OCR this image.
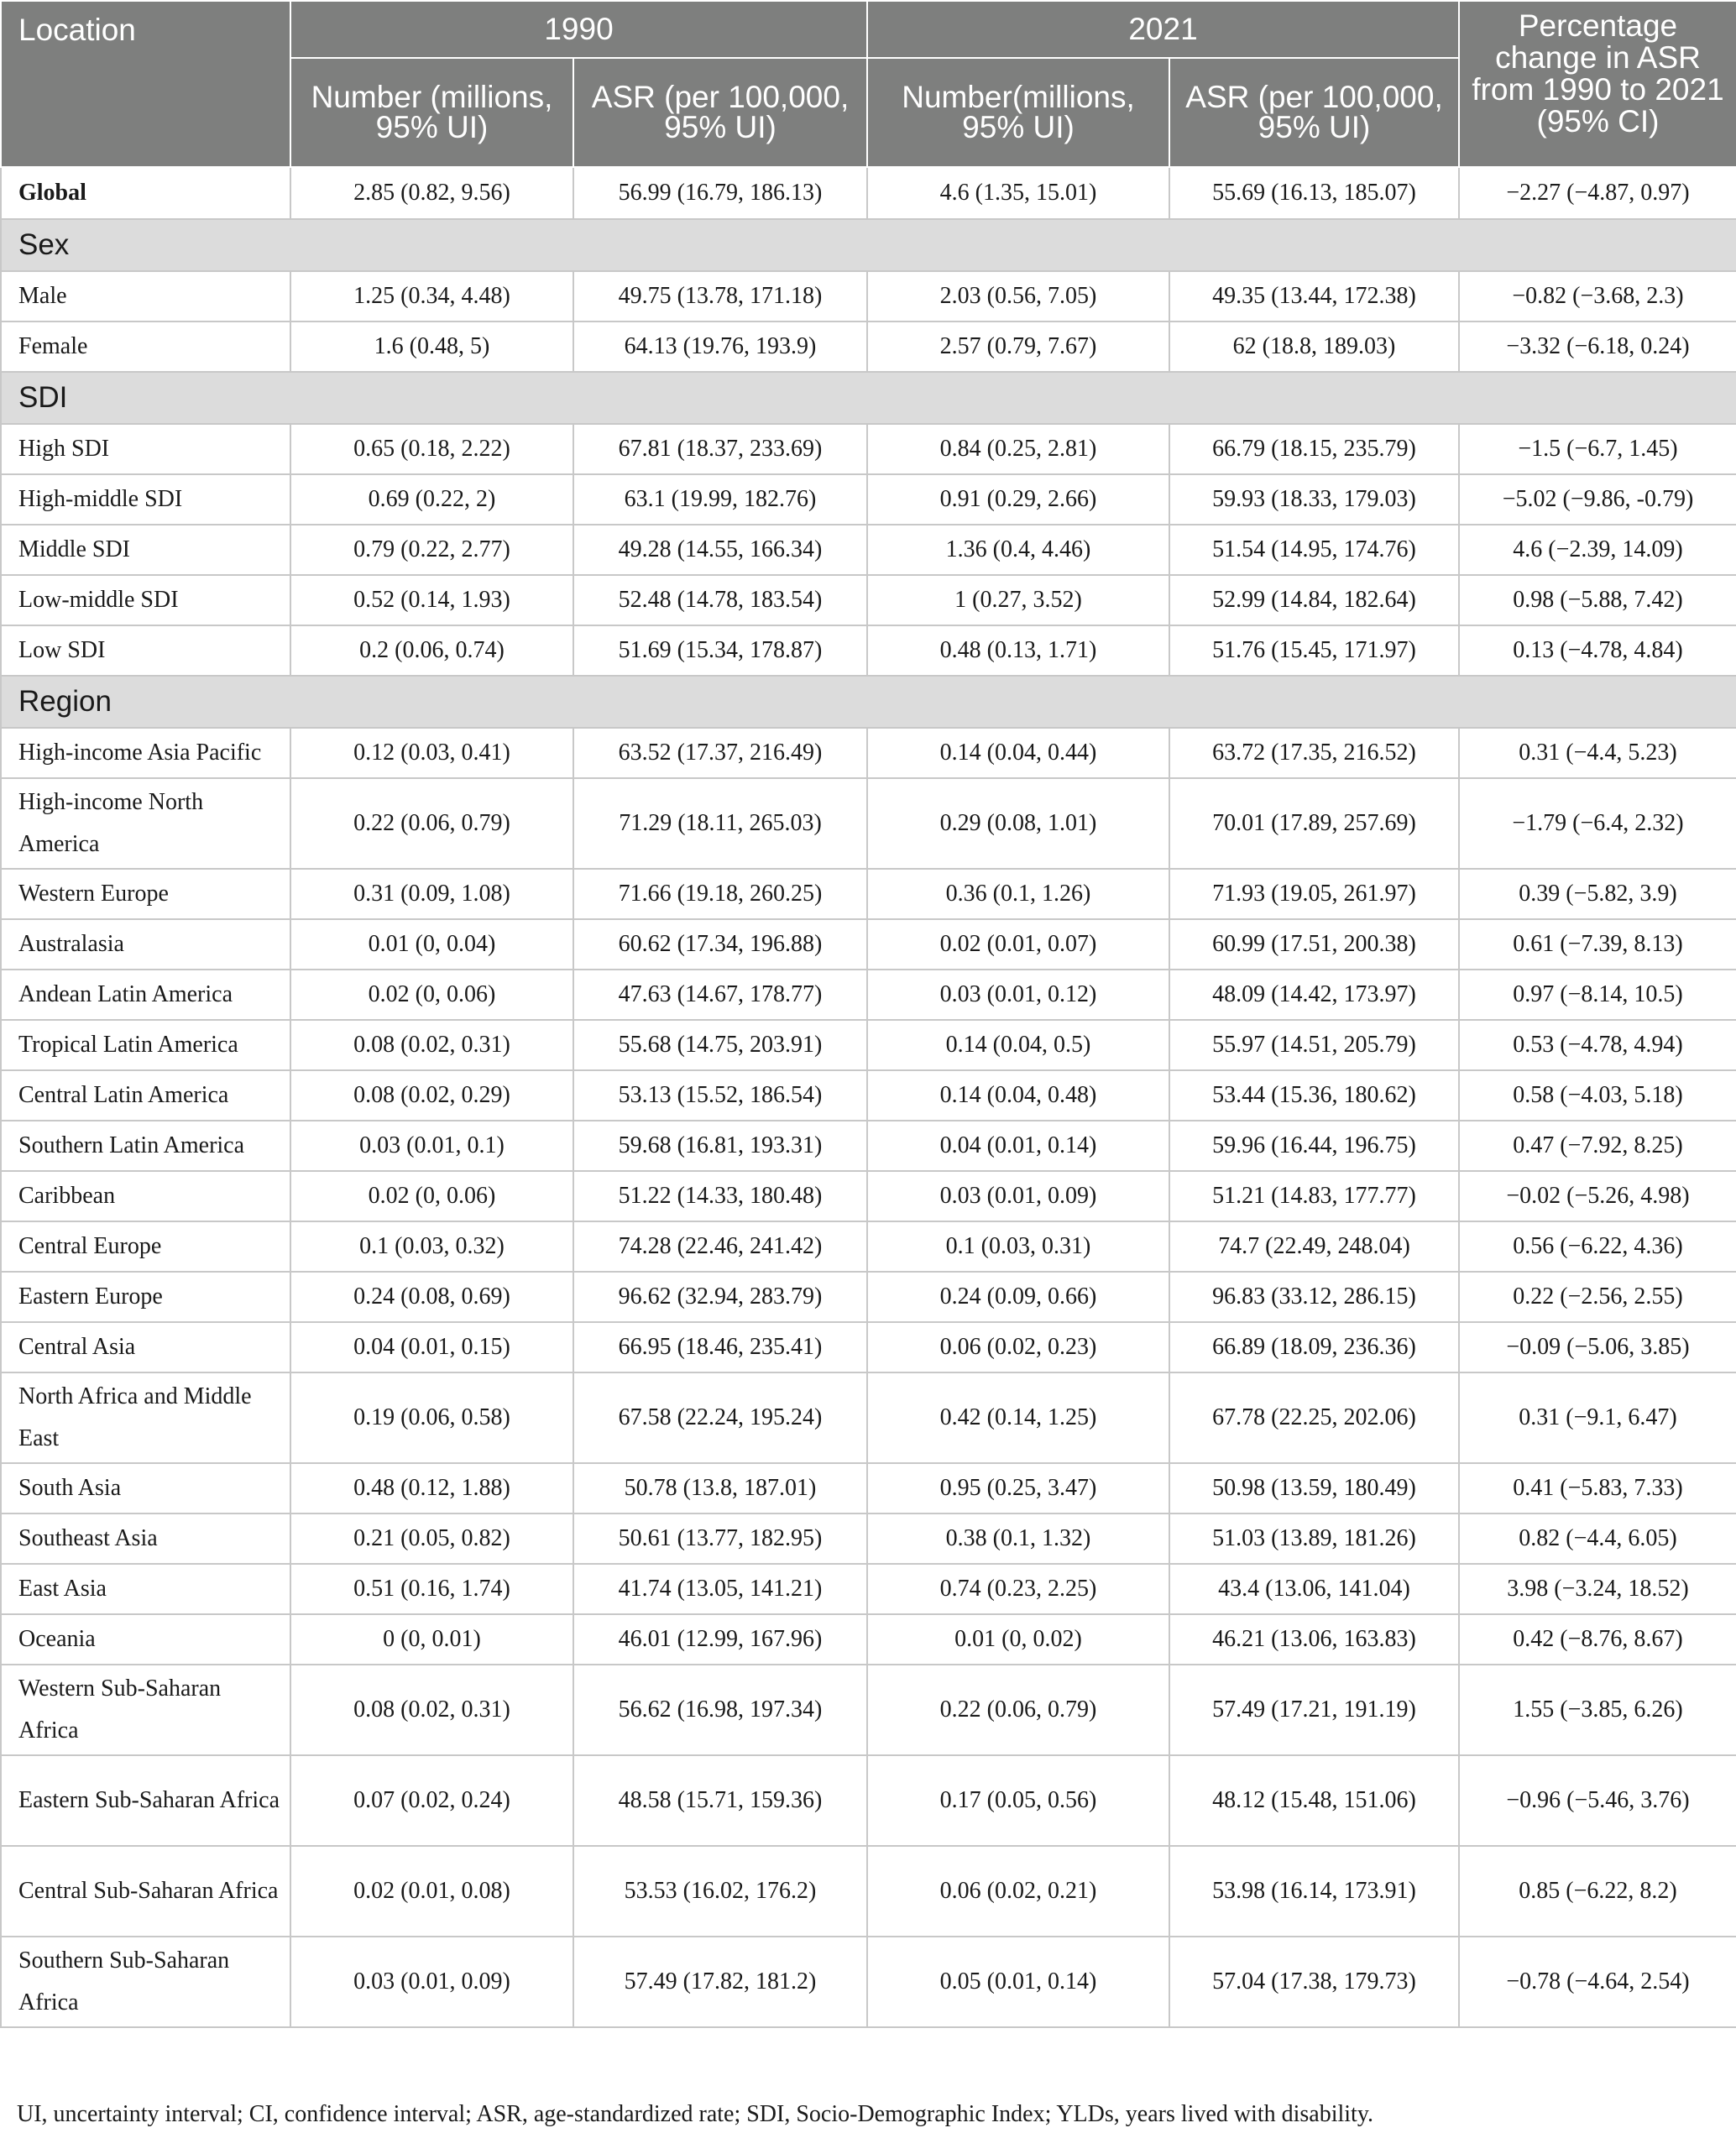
Location	1990		2021		Percentage change in ASR from 1990 to 2021 (95% CI)
	Number (millions, 95% UI)	ASR (per 100,000, 95% UI)	Number(millions, 95% UI)	ASR (per 100,000, 95% UI)	
Global	2.85 (0.82, 9.56)	56.99 (16.79, 186.13)	4.6 (1.35, 15.01)	55.69 (16.13, 185.07)	−2.27 (−4.87, 0.97)
Sex					
Male	1.25 (0.34, 4.48)	49.75 (13.78, 171.18)	2.03 (0.56, 7.05)	49.35 (13.44, 172.38)	−0.82 (−3.68, 2.3)
Female	1.6 (0.48, 5)	64.13 (19.76, 193.9)	2.57 (0.79, 7.67)	62 (18.8, 189.03)	−3.32 (−6.18, 0.24)
SDI					
High SDI	0.65 (0.18, 2.22)	67.81 (18.37, 233.69)	0.84 (0.25, 2.81)	66.79 (18.15, 235.79)	−1.5 (−6.7, 1.45)
High-middle SDI	0.69 (0.22, 2)	63.1 (19.99, 182.76)	0.91 (0.29, 2.66)	59.93 (18.33, 179.03)	−5.02 (−9.86, -0.79)
Middle SDI	0.79 (0.22, 2.77)	49.28 (14.55, 166.34)	1.36 (0.4, 4.46)	51.54 (14.95, 174.76)	4.6 (−2.39, 14.09)
Low-middle SDI	0.52 (0.14, 1.93)	52.48 (14.78, 183.54)	1 (0.27, 3.52)	52.99 (14.84, 182.64)	0.98 (−5.88, 7.42)
Low SDI	0.2 (0.06, 0.74)	51.69 (15.34, 178.87)	0.48 (0.13, 1.71)	51.76 (15.45, 171.97)	0.13 (−4.78, 4.84)
Region					
High-income Asia Pacific	0.12 (0.03, 0.41)	63.52 (17.37, 216.49)	0.14 (0.04, 0.44)	63.72 (17.35, 216.52)	0.31 (−4.4, 5.23)
High-income North America	0.22 (0.06, 0.79)	71.29 (18.11, 265.03)	0.29 (0.08, 1.01)	70.01 (17.89, 257.69)	−1.79 (−6.4, 2.32)
Western Europe	0.31 (0.09, 1.08)	71.66 (19.18, 260.25)	0.36 (0.1, 1.26)	71.93 (19.05, 261.97)	0.39 (−5.82, 3.9)
Australasia	0.01 (0, 0.04)	60.62 (17.34, 196.88)	0.02 (0.01, 0.07)	60.99 (17.51, 200.38)	0.61 (−7.39, 8.13)
Andean Latin America	0.02 (0, 0.06)	47.63 (14.67, 178.77)	0.03 (0.01, 0.12)	48.09 (14.42, 173.97)	0.97 (−8.14, 10.5)
Tropical Latin America	0.08 (0.02, 0.31)	55.68 (14.75, 203.91)	0.14 (0.04, 0.5)	55.97 (14.51, 205.79)	0.53 (−4.78, 4.94)
Central Latin America	0.08 (0.02, 0.29)	53.13 (15.52, 186.54)	0.14 (0.04, 0.48)	53.44 (15.36, 180.62)	0.58 (−4.03, 5.18)
Southern Latin America	0.03 (0.01, 0.1)	59.68 (16.81, 193.31)	0.04 (0.01, 0.14)	59.96 (16.44, 196.75)	0.47 (−7.92, 8.25)
Caribbean	0.02 (0, 0.06)	51.22 (14.33, 180.48)	0.03 (0.01, 0.09)	51.21 (14.83, 177.77)	−0.02 (−5.26, 4.98)
Central Europe	0.1 (0.03, 0.32)	74.28 (22.46, 241.42)	0.1 (0.03, 0.31)	74.7 (22.49, 248.04)	0.56 (−6.22, 4.36)
Eastern Europe	0.24 (0.08, 0.69)	96.62 (32.94, 283.79)	0.24 (0.09, 0.66)	96.83 (33.12, 286.15)	0.22 (−2.56, 2.55)
Central Asia	0.04 (0.01, 0.15)	66.95 (18.46, 235.41)	0.06 (0.02, 0.23)	66.89 (18.09, 236.36)	−0.09 (−5.06, 3.85)
North Africa and Middle East	0.19 (0.06, 0.58)	67.58 (22.24, 195.24)	0.42 (0.14, 1.25)	67.78 (22.25, 202.06)	0.31 (−9.1, 6.47)
South Asia	0.48 (0.12, 1.88)	50.78 (13.8, 187.01)	0.95 (0.25, 3.47)	50.98 (13.59, 180.49)	0.41 (−5.83, 7.33)
Southeast Asia	0.21 (0.05, 0.82)	50.61 (13.77, 182.95)	0.38 (0.1, 1.32)	51.03 (13.89, 181.26)	0.82 (−4.4, 6.05)
East Asia	0.51 (0.16, 1.74)	41.74 (13.05, 141.21)	0.74 (0.23, 2.25)	43.4 (13.06, 141.04)	3.98 (−3.24, 18.52)
Oceania	0 (0, 0.01)	46.01 (12.99, 167.96)	0.01 (0, 0.02)	46.21 (13.06, 163.83)	0.42 (−8.76, 8.67)
Western Sub-Saharan Africa	0.08 (0.02, 0.31)	56.62 (16.98, 197.34)	0.22 (0.06, 0.79)	57.49 (17.21, 191.19)	1.55 (−3.85, 6.26)
Eastern Sub-Saharan Africa	0.07 (0.02, 0.24)	48.58 (15.71, 159.36)	0.17 (0.05, 0.56)	48.12 (15.48, 151.06)	−0.96 (−5.46, 3.76)
Central Sub-Saharan Africa	0.02 (0.01, 0.08)	53.53 (16.02, 176.2)	0.06 (0.02, 0.21)	53.98 (16.14, 173.91)	0.85 (−6.22, 8.2)
Southern Sub-Saharan Africa	0.03 (0.01, 0.09)	57.49 (17.82, 181.2)	0.05 (0.01, 0.14)	57.04 (17.38, 179.73)	−0.78 (−4.64, 2.54)
UI, uncertainty interval; CI, confidence interval; ASR, age-standardized rate; SDI, Socio-Demographic Index; YLDs, years lived with disability.
